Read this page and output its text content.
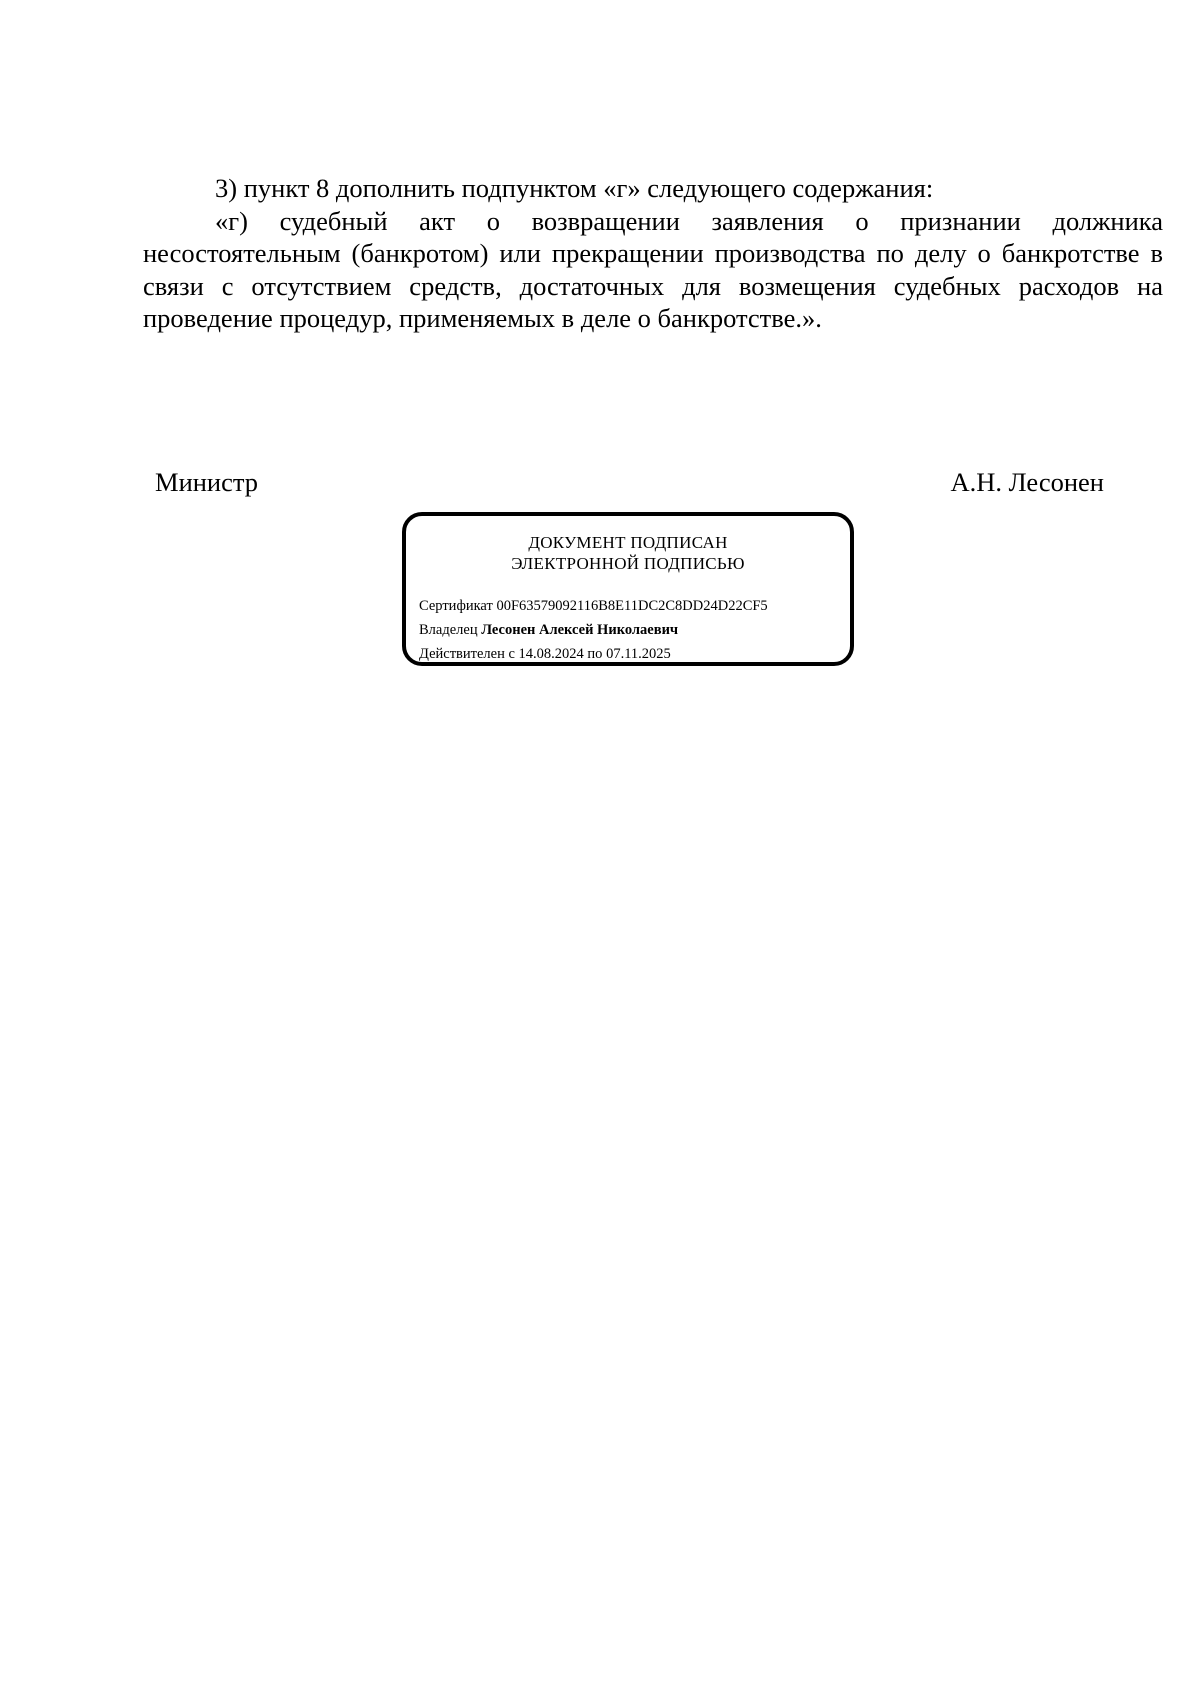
3) пункт 8 дополнить подпунктом «г» следующего содержания:

«г) судебный акт о возвращении заявления о признании должника несостоятельным (банкротом) или прекращении производства по делу о банкротстве в связи с отсутствием средств, достаточных для возмещения судебных расходов на проведение процедур, применяемых в деле о банкротстве.».

Министр	А.Н. Лесонен
ДОКУМЕНТ ПОДПИСАН
ЭЛЕКТРОННОЙ ПОДПИСЬЮ
Сертификат 00F63579092116B8E11DC2C8DD24D22CF5
Владелец Лесонен Алексей Николаевич
Действителен с 14.08.2024 по 07.11.2025
